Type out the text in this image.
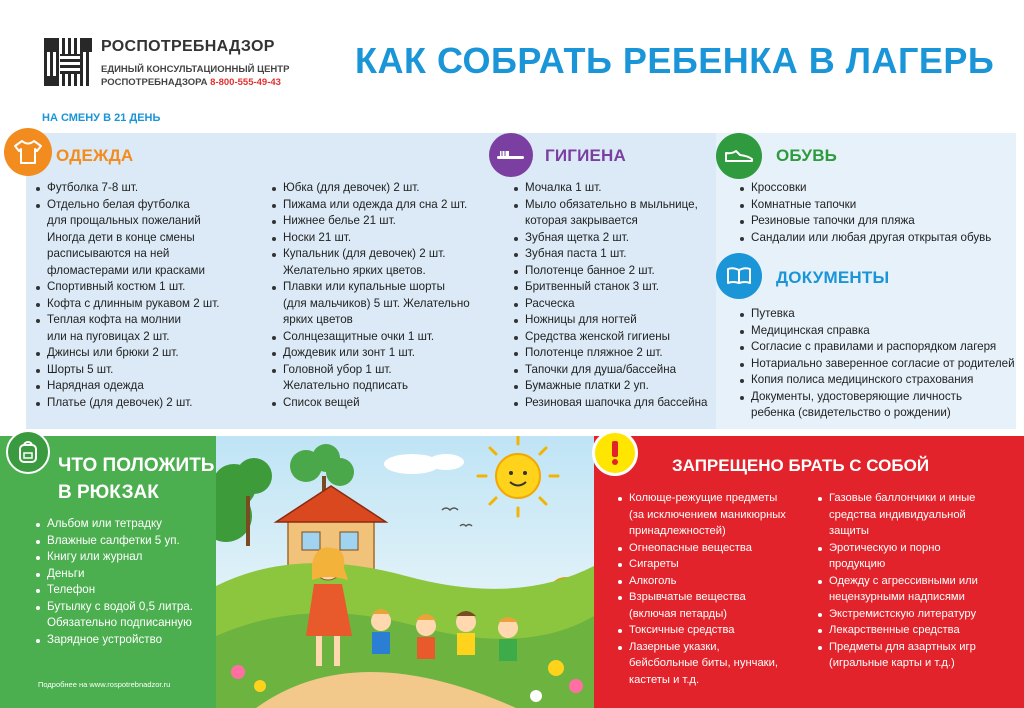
РОСПОТРЕБНАДЗОР
ЕДИНЫЙ КОНСУЛЬТАЦИОННЫЙ ЦЕНТР
РОСПОТРЕБНАДЗОРА 8-800-555-49-43
КАК СОБРАТЬ РЕБЕНКА В ЛАГЕРЬ
НА СМЕНУ В 21 ДЕНЬ
ОДЕЖДА
Футболка 7-8 шт.
Отдельно белая футболка
для прощальных пожеланий
Иногда дети в конце смены
расписываются на ней
фломастерами или красками
Спортивный костюм 1 шт.
Кофта с длинным рукавом 2 шт.
Теплая кофта на молнии
или на пуговицах 2 шт.
Джинсы или брюки 2 шт.
Шорты 5 шт.
Нарядная одежда
Платье (для девочек) 2 шт.
Юбка (для девочек) 2 шт.
Пижама или одежда для сна 2 шт.
Нижнее белье 21 шт.
Носки 21 шт.
Купальник (для девочек) 2 шт.
Желательно ярких цветов.
Плавки или купальные шорты
(для мальчиков) 5 шт. Желательно
ярких цветов
Солнцезащитные очки 1 шт.
Дождевик или зонт 1 шт.
Головной убор 1 шт.
Желательно подписать
Список вещей
ГИГИЕНА
Мочалка 1 шт.
Мыло обязательно в мыльнице,
которая закрывается
Зубная щетка 2 шт.
Зубная паста 1 шт.
Полотенце банное 2 шт.
Бритвенный станок 3 шт.
Расческа
Ножницы для ногтей
Средства женской гигиены
Полотенце пляжное 2 шт.
Тапочки для душа/бассейна
Бумажные платки 2 уп.
Резиновая шапочка для бассейна
ОБУВЬ
Кроссовки
Комнатные тапочки
Резиновые тапочки для пляжа
Сандалии или любая другая открытая обувь
ДОКУМЕНТЫ
Путевка
Медицинская справка
Согласие с правилами и распорядком лагеря
Нотариально заверенное согласие от родителей
Копия полиса медицинского страхования
Документы, удостоверяющие личность
ребенка (свидетельство о рождении)
ЧТО ПОЛОЖИТЬ В РЮКЗАК
Альбом или тетрадку
Влажные салфетки 5 уп.
Книгу или журнал
Деньги
Телефон
Бутылку с водой 0,5 литра.
Обязательно подписанную
Зарядное устройство
Подробнее на www.rospotrebnadzor.ru
ЗАПРЕЩЕНО БРАТЬ С СОБОЙ
Колюще-режущие предметы
(за исключением маникюрных
принадлежностей)
Огнеопасные вещества
Сигареты
Алкоголь
Взрывчатые вещества
(включая петарды)
Токсичные средства
Лазерные указки,
бейсбольные биты, нунчаки,
кастеты и т.д.
Газовые баллончики и иные
средства индивидуальной
защиты
Эротическую и порно
продукцию
Одежду с агрессивными или
нецензурными надписями
Экстремистскую литературу
Лекарственные средства
Предметы для азартных игр
(игральные карты и т.д.)
